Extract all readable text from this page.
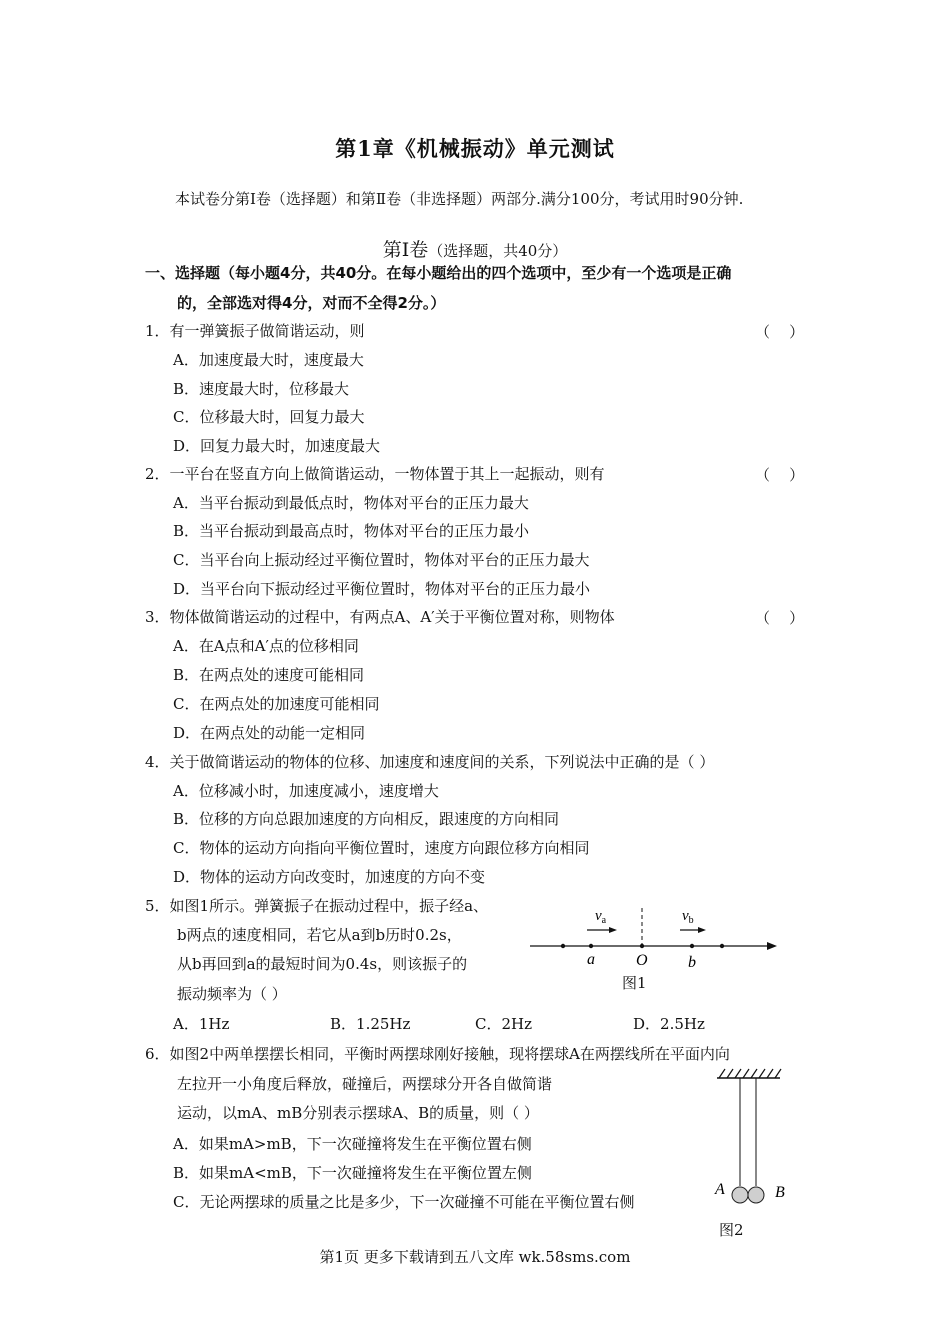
第1章《机械振动》单元测试
本试卷分第Ⅰ卷（选择题）和第Ⅱ卷（非选择题）两部分.满分100分，考试用时90分钟.
第Ⅰ卷（选择题，共40分）
一、选择题（每小题4分，共40分。在每小题给出的四个选项中，至少有一个选项是正确
的，全部选对得4分，对而不全得2分。）
1．有一弹簧振子做简谐运动，则	（    ）
A．加速度最大时，速度最大
B．速度最大时，位移最大
C．位移最大时，回复力最大
D．回复力最大时，加速度最大
2．一平台在竖直方向上做简谐运动，一物体置于其上一起振动，则有	（    ）
A．当平台振动到最低点时，物体对平台的正压力最大
B．当平台振动到最高点时，物体对平台的正压力最小
C．当平台向上振动经过平衡位置时，物体对平台的正压力最大
D．当平台向下振动经过平衡位置时，物体对平台的正压力最小
3．物体做简谐运动的过程中，有两点A、A′关于平衡位置对称，则物体	（    ）
A．在A点和A′点的位移相同
B．在两点处的速度可能相同
C．在两点处的加速度可能相同
D．在两点处的动能一定相同
4．关于做简谐运动的物体的位移、加速度和速度间的关系，下列说法中正确的是（ ）
A．位移减小时，加速度减小，速度增大
B．位移的方向总跟加速度的方向相反，跟速度的方向相同
C．物体的运动方向指向平衡位置时，速度方向跟位移方向相同
D．物体的运动方向改变时，加速度的方向不变
5．如图1所示。弹簧振子在振动过程中，振子经a、
b两点的速度相同，若它从a到b历时0.2s，
从b再回到a的最短时间为0.4s，则该振子的
振动频率为（ ）
A．1Hz	B．1.25Hz	C．2Hz	D．2.5Hz
$v_a$	$v_b$
a	O	b
图1
6．如图2中两单摆摆长相同，平衡时两摆球刚好接触，现将摆球A在两摆线所在平面内向
左拉开一小角度后释放，碰撞后，两摆球分开各自做简谐
运动，以mA、mB分别表示摆球A、B的质量，则（ ）
A．如果mA>mB，下一次碰撞将发生在平衡位置右侧
B．如果mA<mB，下一次碰撞将发生在平衡位置左侧
C．无论两摆球的质量之比是多少，下一次碰撞不可能在平衡位置右侧
A	B
图2
第1页 更多下载请到五八文库 wk.58sms.com
